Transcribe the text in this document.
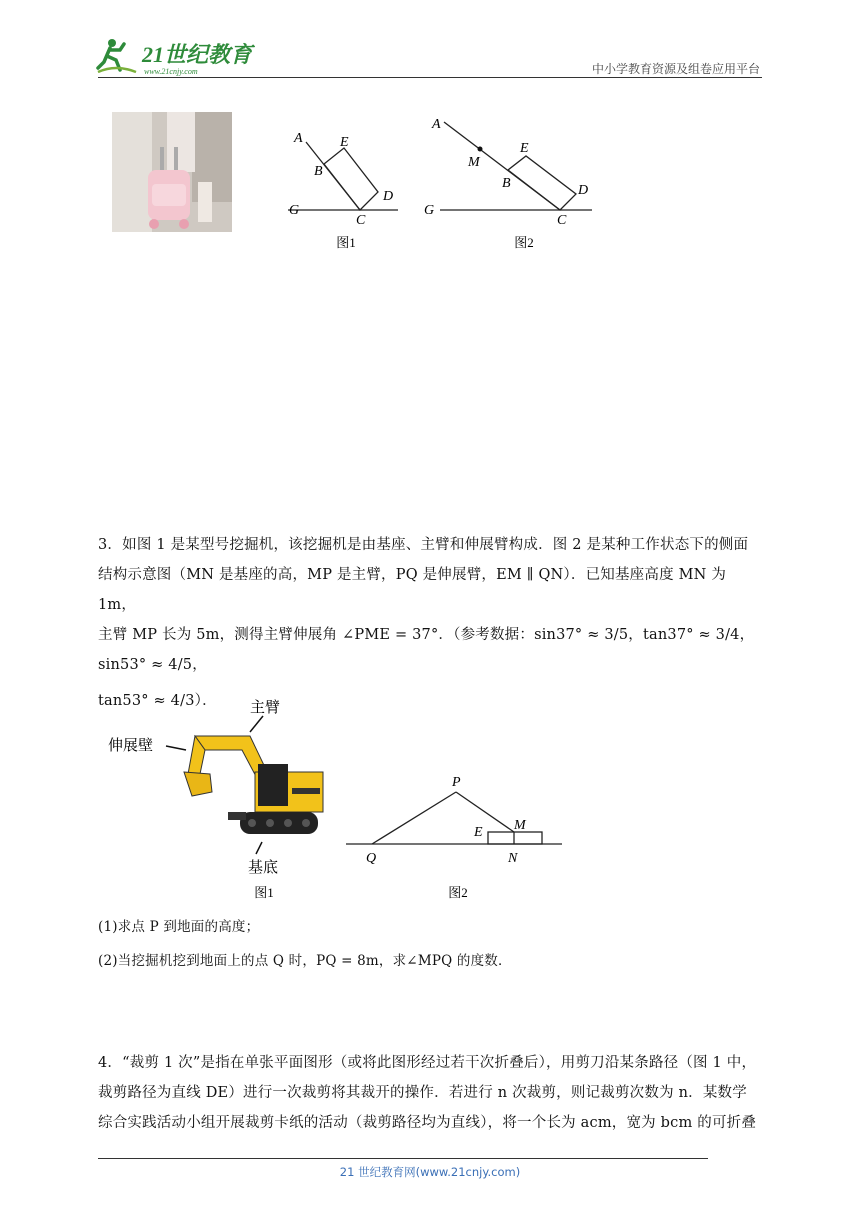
21世纪教育
www.21cnjy.com	中小学教育资源及组卷应用平台
A
B
E
D
C
G
图1
A
M
E
B	D
C
G
图2

3．如图 1 是某型号挖掘机，该挖掘机是由基座、主臂和伸展臂构成．图 2 是某种工作状态下的侧面

结构示意图（MN 是基座的高，MP 是主臂，PQ 是伸展臂，EM ∥ QN）．已知基座高度 MN 为1m，

主臂 MP 长为 5m，测得主臂伸展角 ∠PME = 37°．（参考数据：sin37° ≈ 3/5，tan37° ≈ 3/4，sin53° ≈ 4/5，

tan53° ≈ 4/3）．	主臂
伸展壁
基底
图1
P
E M
Q	N
图2

(1)求点 P 到地面的高度；

(2)当挖掘机挖到地面上的点 Q 时，PQ = 8m，求∠MPQ 的度数．

4．“裁剪 1 次”是指在单张平面图形（或将此图形经过若干次折叠后），用剪刀沿某条路径（图 1 中，

裁剪路径为直线 DE）进行一次裁剪将其裁开的操作．若进行 n 次裁剪，则记裁剪次数为 n．某数学

综合实践活动小组开展裁剪卡纸的活动（裁剪路径均为直线），将一个长为 acm，宽为 bcm 的可折叠

21 世纪教育网(www.21cnjy.com)
